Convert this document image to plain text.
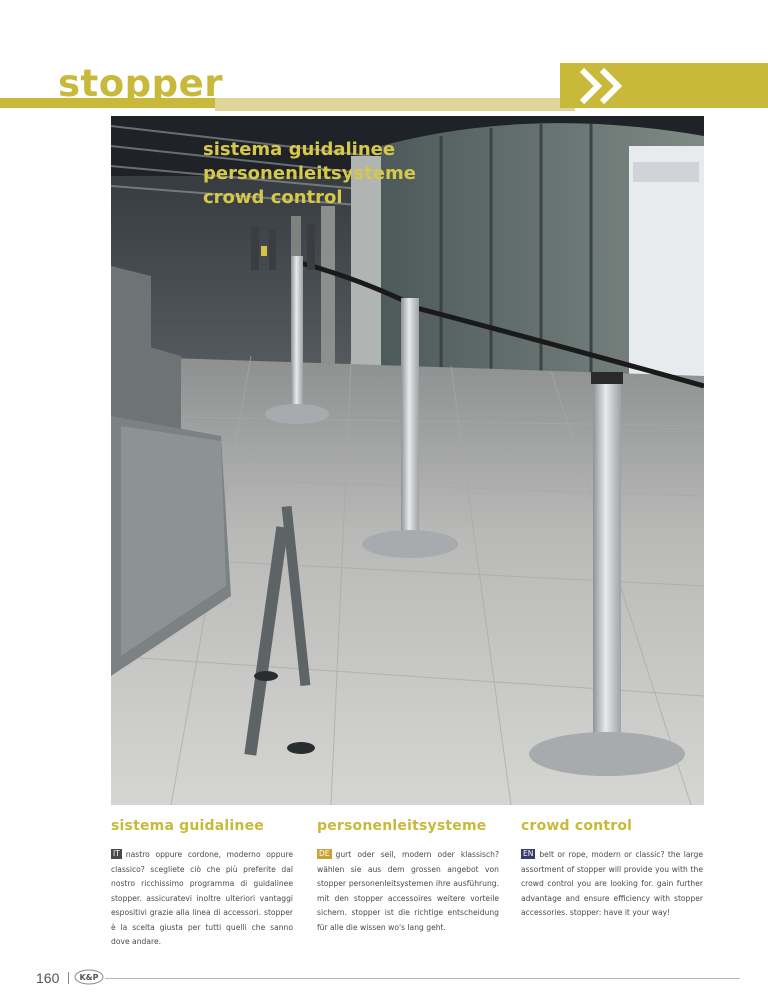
stopper
sistema guidalinee
personenleitsysteme
crowd control
sistema guidalinee

IT nastro oppure cordone, moderno oppure classico? scegliete ciò che più preferite dal nostro ricchissimo programma di guidalinee stopper. assicuratevi inoltre ulteriori vantaggi espositivi grazie alla linea di accessori. stopper è la scelta giusta per tutti quelli che sanno dove andare.

personenleitsysteme

DE gurt oder seil, modern oder klassisch? wählen sie aus dem grossen angebot von stopper personenleitsystemen ihre ausführung. mit den stopper accessoires weitere vorteile sichern. stopper ist die richtige entscheidung für alle die wissen wo's lang geht.

crowd control

EN belt or rope, modern or classic? the large assortment of stopper will provide you with the crowd control you are looking for. gain further advantage and ensure efficiency with stopper accessories. stopper: have it your way!

160	K&P
